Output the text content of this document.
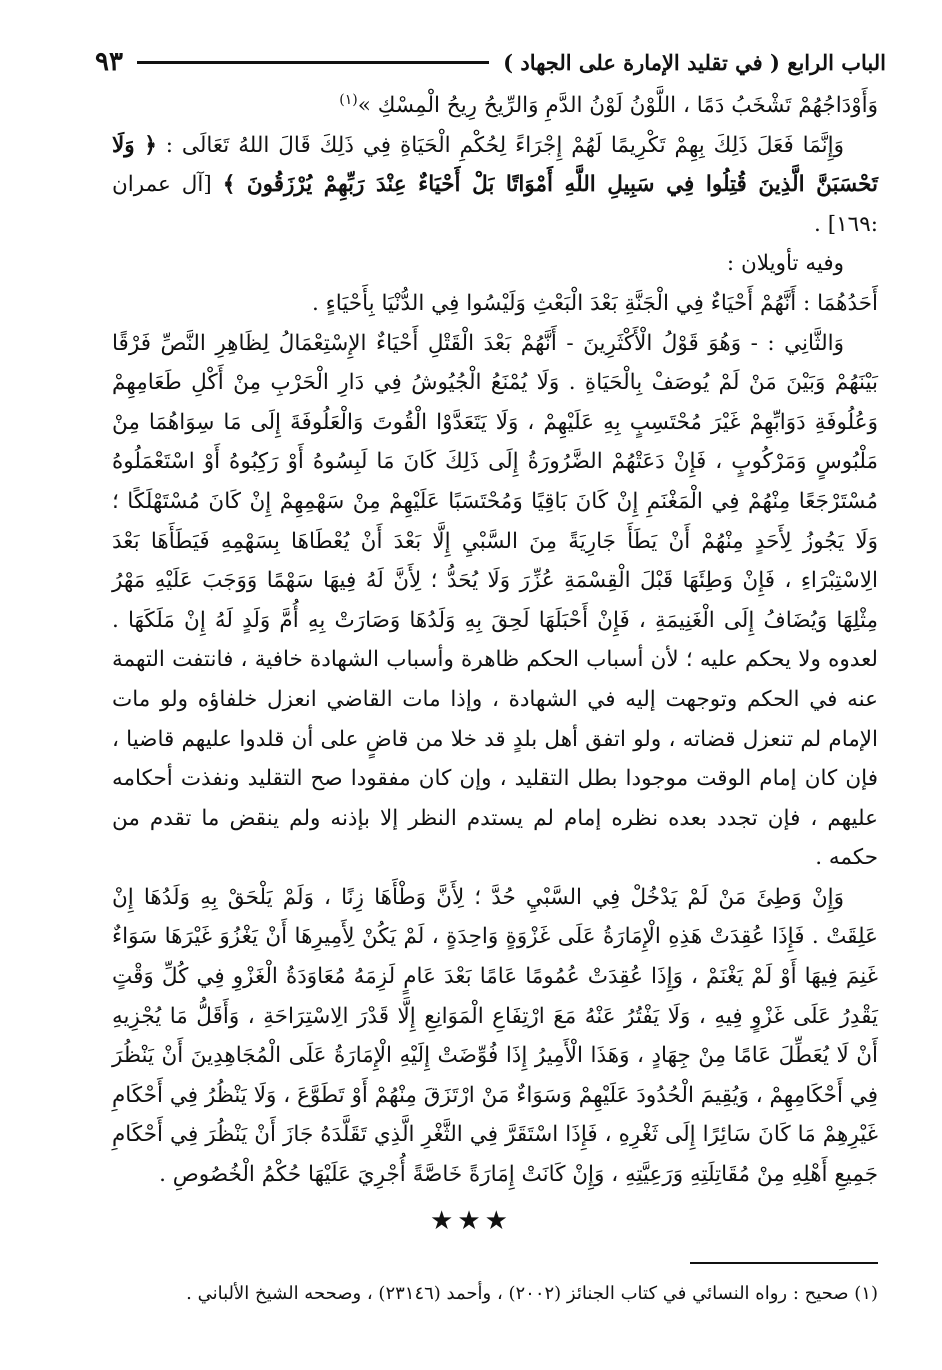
الباب الرابع ( في تقليد الإمارة على الجهاد )
٩٣

وَأَوْدَاجُهُمْ تَشْخَبُ دَمًا ، اللَّوْنُ لَوْنُ الدَّمِ وَالرِّيحُ رِيحُ الْمِسْكِ »$^{(١)}$

وَإِنَّمَا فَعَلَ ذَلِكَ بِهِمْ تَكْرِيمًا لَهُمْ إِجْرَاءً لِحُكْمِ الْحَيَاةِ فِي ذَلِكَ قَالَ اللهُ تَعَالَى : ﴿ وَلَا تَحْسَبَنَّ الَّذِينَ قُتِلُوا فِي سَبِيلِ اللَّهِ أَمْوَاتًا بَلْ أَحْيَاءٌ عِنْدَ رَبِّهِمْ يُرْزَقُونَ ﴾ [آل عمران :١٦٩] .

وفيه تأويلان :

أَحَدُهُمَا : أَنَّهُمْ أَحْيَاءٌ فِي الْجَنَّةِ بَعْدَ الْبَعْثِ وَلَيْسُوا فِي الدُّنْيَا بِأَحْيَاءٍ .

وَالثَّانِي : - وَهُوَ قَوْلُ الْأَكْثَرِينَ - أَنَّهُمْ بَعْدَ الْقَتْلِ أَحْيَاءٌ الإِسْتِعْمَالُ لِظَاهِرِ النَّصِّ فَرْقًا بَيْنَهُمْ وَبَيْنَ مَنْ لَمْ يُوصَفْ بِالْحَيَاةِ . وَلَا يُمْنَعُ الْجُيُوشُ فِي دَارِ الْحَرْبِ مِنْ أَكْلِ طَعَامِهِمْ وَعُلُوفَةِ دَوَابِّهِمْ غَيْرَ مُحْتَسِبٍ بِهِ عَلَيْهِمْ ، وَلَا يَتَعَدَّوْا الْقُوتَ وَالْعَلُوفَةَ إِلَى مَا سِوَاهُمَا مِنْ مَلْبُوسٍ وَمَرْكُوبٍ ، فَإِنْ دَعَتْهُمْ الضَّرُورَةُ إِلَى ذَلِكَ كَانَ مَا لَبِسُوهُ أَوْ رَكِبُوهُ أَوْ اسْتَعْمَلُوهُ مُسْتَرْجَعًا مِنْهُمْ فِي الْمَغْنَمِ إِنْ كَانَ بَاقِيًا وَمُحْتَسَبًا عَلَيْهِمْ مِنْ سَهْمِهِمْ إِنْ كَانَ مُسْتَهْلَكًا ؛ وَلَا يَجُوزُ لِأَحَدٍ مِنْهُمْ أَنْ يَطَأَ جَارِيَةً مِنَ السَّبْيِ إِلَّا بَعْدَ أَنْ يُعْطَاهَا بِسَهْمِهِ فَيَطَأَهَا بَعْدَ الِاسْتِبْرَاءِ ، فَإِنْ وَطِئَهَا قَبْلَ الْقِسْمَةِ عُزِّرَ وَلَا يُحَدُّ ؛ لِأَنَّ لَهُ فِيهَا سَهْمًا وَوَجَبَ عَلَيْهِ مَهْرُ مِثْلِهَا وَيُضَافُ إِلَى الْغَنِيمَةِ ، فَإِنْ أَحْبَلَهَا لَحِقَ بِهِ وَلَدُهَا وَصَارَتْ بِهِ أُمَّ وَلَدٍ لَهُ إِنْ مَلَكَهَا . لعدوه ولا يحكم عليه ؛ لأن أسباب الحكم ظاهرة وأسباب الشهادة خافية ، فانتفت التهمة عنه في الحكم وتوجهت إليه في الشهادة ، وإذا مات القاضي انعزل خلفاؤه ولو مات الإمام لم تنعزل قضاته ، ولو اتفق أهل بلدٍ قد خلا من قاضٍ على أن قلدوا عليهم قاضيا ، فإن كان إمام الوقت موجودا بطل التقليد ، وإن كان مفقودا صح التقليد ونفذت أحكامه عليهم ، فإن تجدد بعده نظره إمام لم يستدم النظر إلا بإذنه ولم ينقض ما تقدم من حكمه .

وَإِنْ وَطِئَ مَنْ لَمْ يَدْخُلْ فِي السَّبْيِ حُدَّ ؛ لِأَنَّ وَطْأَهَا زِنًا ، وَلَمْ يَلْحَقْ بِهِ وَلَدُهَا إِنْ عَلِقَتْ . فَإِذَا عُقِدَتْ هَذِهِ الْإِمَارَةُ عَلَى غَزْوَةٍ وَاحِدَةٍ ، لَمْ يَكُنْ لِأَمِيرِهَا أَنْ يَغْزُوَ غَيْرَهَا سَوَاءٌ غَنِمَ فِيهَا أَوْ لَمْ يَغْنَمْ ، وَإِذَا عُقِدَتْ عُمُومًا عَامًا بَعْدَ عَامٍ لَزِمَهُ مُعَاوَدَةُ الْغَزْوِ فِي كُلِّ وَقْتٍ يَقْدِرُ عَلَى غَزْوٍ فِيهِ ، وَلَا يَفْتُرُ عَنْهُ مَعَ ارْتِفَاعِ الْمَوَانِعِ إِلَّا قَدْرَ الِاسْتِرَاحَةِ ، وَأَقَلُّ مَا يُجْزِيهِ أَنْ لَا يُعَطِّلَ عَامًا مِنْ جِهَادٍ ، وَهَذَا الْأَمِيرُ إِذَا فُوِّضَتْ إِلَيْهِ الْإِمَارَةُ عَلَى الْمُجَاهِدِينَ أَنْ يَنْظُرَ فِي أَحْكَامِهِمْ ، وَيُقِيمَ الْحُدُودَ عَلَيْهِمْ وَسَوَاءٌ مَنْ ارْتَزَقَ مِنْهُمْ أَوْ تَطَوَّعَ ، وَلَا يَنْظُرُ فِي أَحْكَامِ غَيْرِهِمْ مَا كَانَ سَائِرًا إِلَى ثَغْرِهِ ، فَإِذَا اسْتَقَرَّ فِي الثَّغْرِ الَّذِي تَقَلَّدَهُ جَازَ أَنْ يَنْظُرَ فِي أَحْكَامِ جَمِيعِ أَهْلِهِ مِنْ مُقَاتِلَتِهِ وَرَعِيَّتِهِ ، وَإِنْ كَانَتْ إِمَارَةً خَاصَّةً أُجْرِيَ عَلَيْهَا حُكْمُ الْخُصُوصِ .

★★★
(١) صحيح : رواه النسائي في كتاب الجنائز (٢٠٠٢) ، وأحمد (٢٣١٤٦) ، وصححه الشيخ الألباني .
